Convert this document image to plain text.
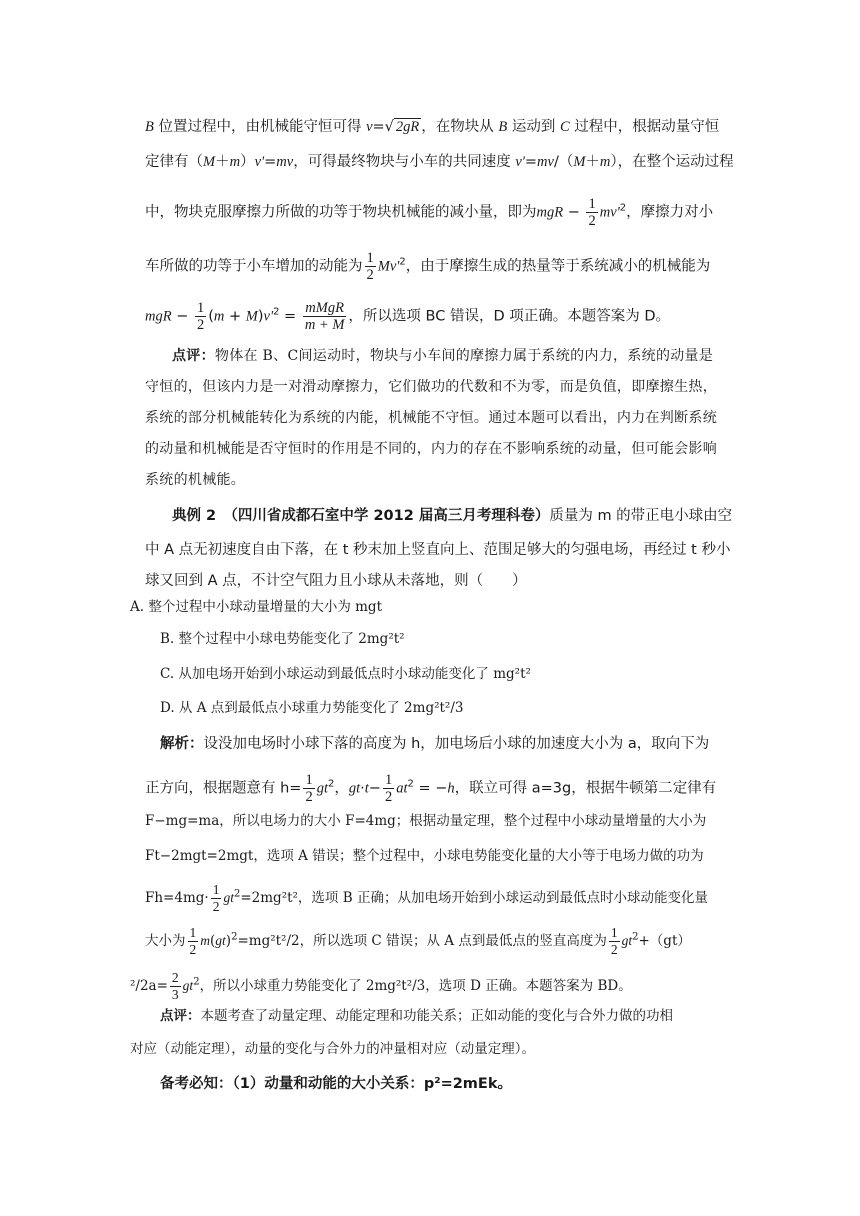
B 位置过程中，由机械能守恒可得 v=√ 2gR ，在物块从 B 运动到 C 过程中，根据动量守恒
定律有（M＋m）v'=mv，可得最终物块与小车的共同速度 v'=mv/（M＋m），在整个运动过程
中，物块克服摩擦力所做的功等于物块机械能的减小量，即为mgR − $\frac{1}{2} mv'^2$，摩擦力对小
车所做的功等于小车增加的动能为 $\frac{1}{2} Mv'^2$，由于摩擦生成的热量等于系统减小的机械能为
mgR − $\frac{1}{2} (m + M)v'^2 = \frac{\text{mMgR}}{m + M}$ ，所以选项 BC 错误，D 项正确。本题答案为 D。
点评：物体在 B、C间运动时，物块与小车间的摩擦力属于系统的内力，系统的动量是
守恒的，但该内力是一对滑动摩擦力，它们做功的代数和不为零，而是负值，即摩擦生热，
系统的部分机械能转化为系统的内能，机械能不守恒。通过本题可以看出，内力在判断系统
的动量和机械能是否守恒时的作用是不同的，内力的存在不影响系统的动量，但可能会影响
系统的机械能。
典例 2　 （四川省成都石室中学 2012 届高三月考理科卷）质量为 m 的带正电小球由空
中 A 点无初速度自由下落，在 t 秒末加上竖直向上、范围足够大的匀强电场，再经过 t 秒小
球又回到 A 点，不计空气阻力且小球从未落地，则（　　）
A. 整个过程中小球动量增量的大小为 mgt
B. 整个过程中小球电势能变化了 2mg²t²
C. 从加电场开始到小球运动到最低点时小球动能变化了 mg²t²
D. 从 A 点到最低点小球重力势能变化了 2mg²t²/3
解析：设没加电场时小球下落的高度为 h，加电场后小球的加速度大小为 a，取向下为
正方向，根据题意有 $h= \frac{1}{2} gt^2$，$gt\cdot t- \frac{1}{2} at^2 = -h$，联立可得 a=3g，根据牛顿第二定律有
F−mg=ma，所以电场力的大小 F=4mg；根据动量定理，整个过程中小球动量增量的大小为
Ft−2mgt=2mgt，选项 A 错误；整个过程中，小球电势能变化量的大小等于电场力做的功为
$Fh=4mg\cdot \frac{1}{2} gt^2=2mg^2t^2$，选项 B 正确；从加电场开始到小球运动到最低点时小球动能变化量
大小为 $\frac{1}{2} m(gt)^2=mg^2t^2/2$，所以选项 C 错误；从 A 点到最低点的竖直高度为 $\frac{1}{2} gt^2+(gt)$
$^2/2a= \frac{2}{3} gt^2$，所以小球重力势能变化了 2mg²t²/3，选项 D 正确。本题答案为 BD。
点评：本题考查了动量定理、动能定理和功能关系；正如动能的变化与合外力做的功相
对应（动能定理），动量的变化与合外力的冲量相对应（动量定理）。
备考必知：（1）动量和动能的大小关系：p²=2mEk。
